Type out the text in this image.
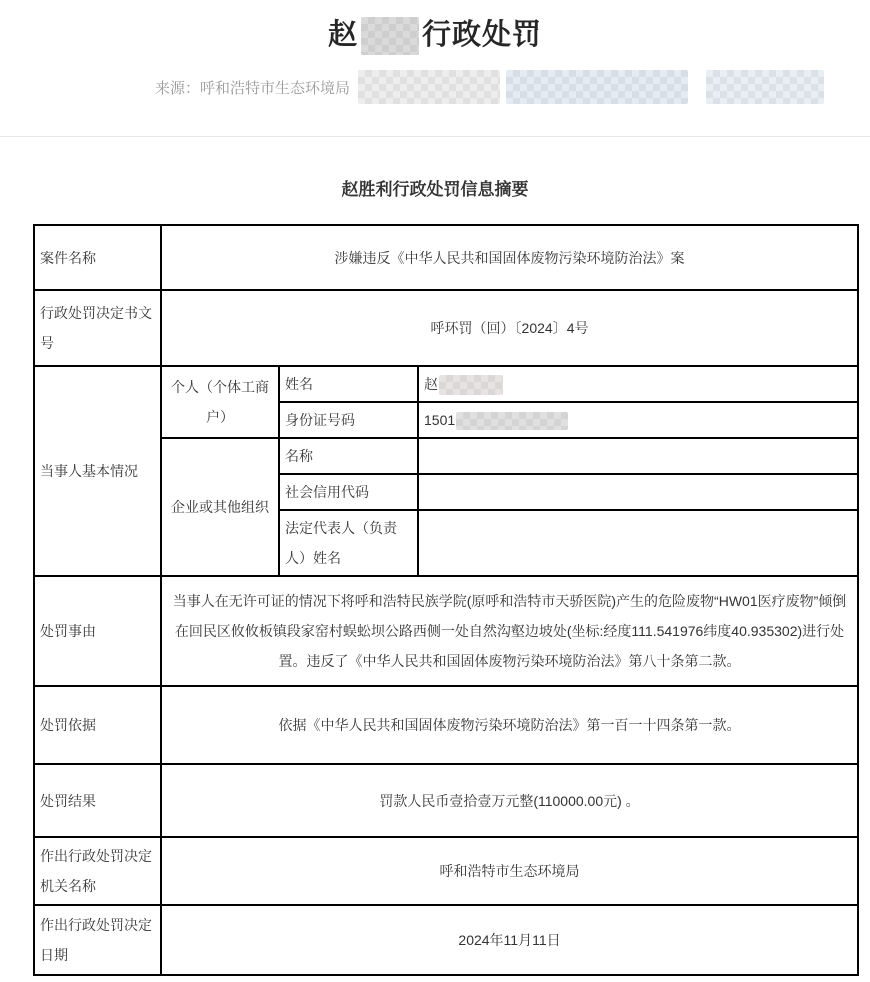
赵 行政处罚
来源：呼和浩特市生态环境局
赵胜利行政处罚信息摘要
案件名称	涉嫌违反《中华人民共和国固体废物污染环境防治法》案		
行政处罚决定书文号	呼环罚（回）〔2024〕4号		
当事人基本情况	个人（个体工商户）	姓名	赵
		身份证号码	1501
	企业或其他组织	名称	
		社会信用代码	
		法定代表人（负责人）姓名	
处罚事由	当事人在无许可证的情况下将呼和浩特民族学院(原呼和浩特市天骄医院)产生的危险废物“HW01医疗废物”倾倒在回民区攸攸板镇段家窑村蜈蚣坝公路西侧一处自然沟壑边坡处(坐标:经度111.541976纬度40.935302)进行处置。违反了《中华人民共和国固体废物污染环境防治法》第八十条第二款。		
处罚依据	依据《中华人民共和国固体废物污染环境防治法》第一百一十四条第一款。		
处罚结果	罚款人民币壹拾壹万元整(110000.00元) 。		
作出行政处罚决定机关名称	呼和浩特市生态环境局		
作出行政处罚决定日期	2024年11月11日		
